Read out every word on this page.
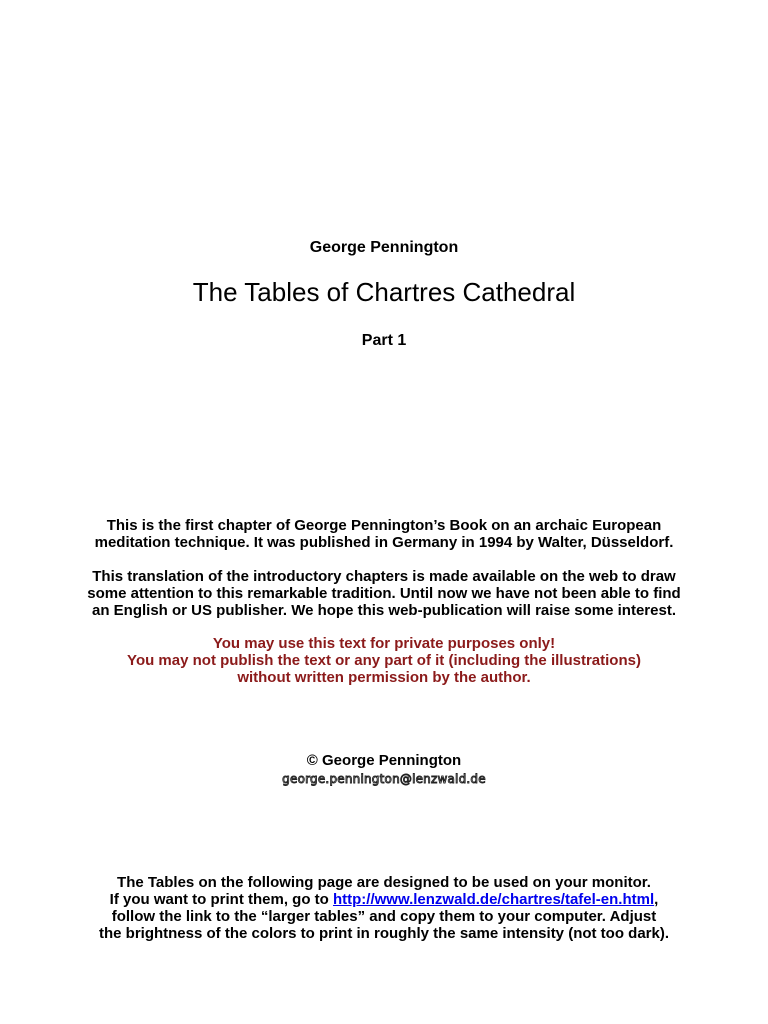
George Pennington
The Tables of Chartres Cathedral
Part 1
This is the first chapter of George Pennington’s Book on an archaic European
meditation technique. It was published in Germany in 1994 by Walter, Düsseldorf.
This translation of the introductory chapters is made available on the web to draw
some attention to this remarkable tradition. Until now we have not been able to find
an English or US publisher. We hope this web-publication will raise some interest.
You may use this text for private purposes only!
You may not publish the text or any part of it (including the illustrations)
without written permission by the author.
© George Pennington
george.pennington@lenzwald.de
The Tables on the following page are designed to be used on your monitor.
If you want to print them, go to http://www.lenzwald.de/chartres/tafel-en.html,
follow the link to the “larger tables” and copy them to your computer. Adjust
the brightness of the colors to print in roughly the same intensity (not too dark).
